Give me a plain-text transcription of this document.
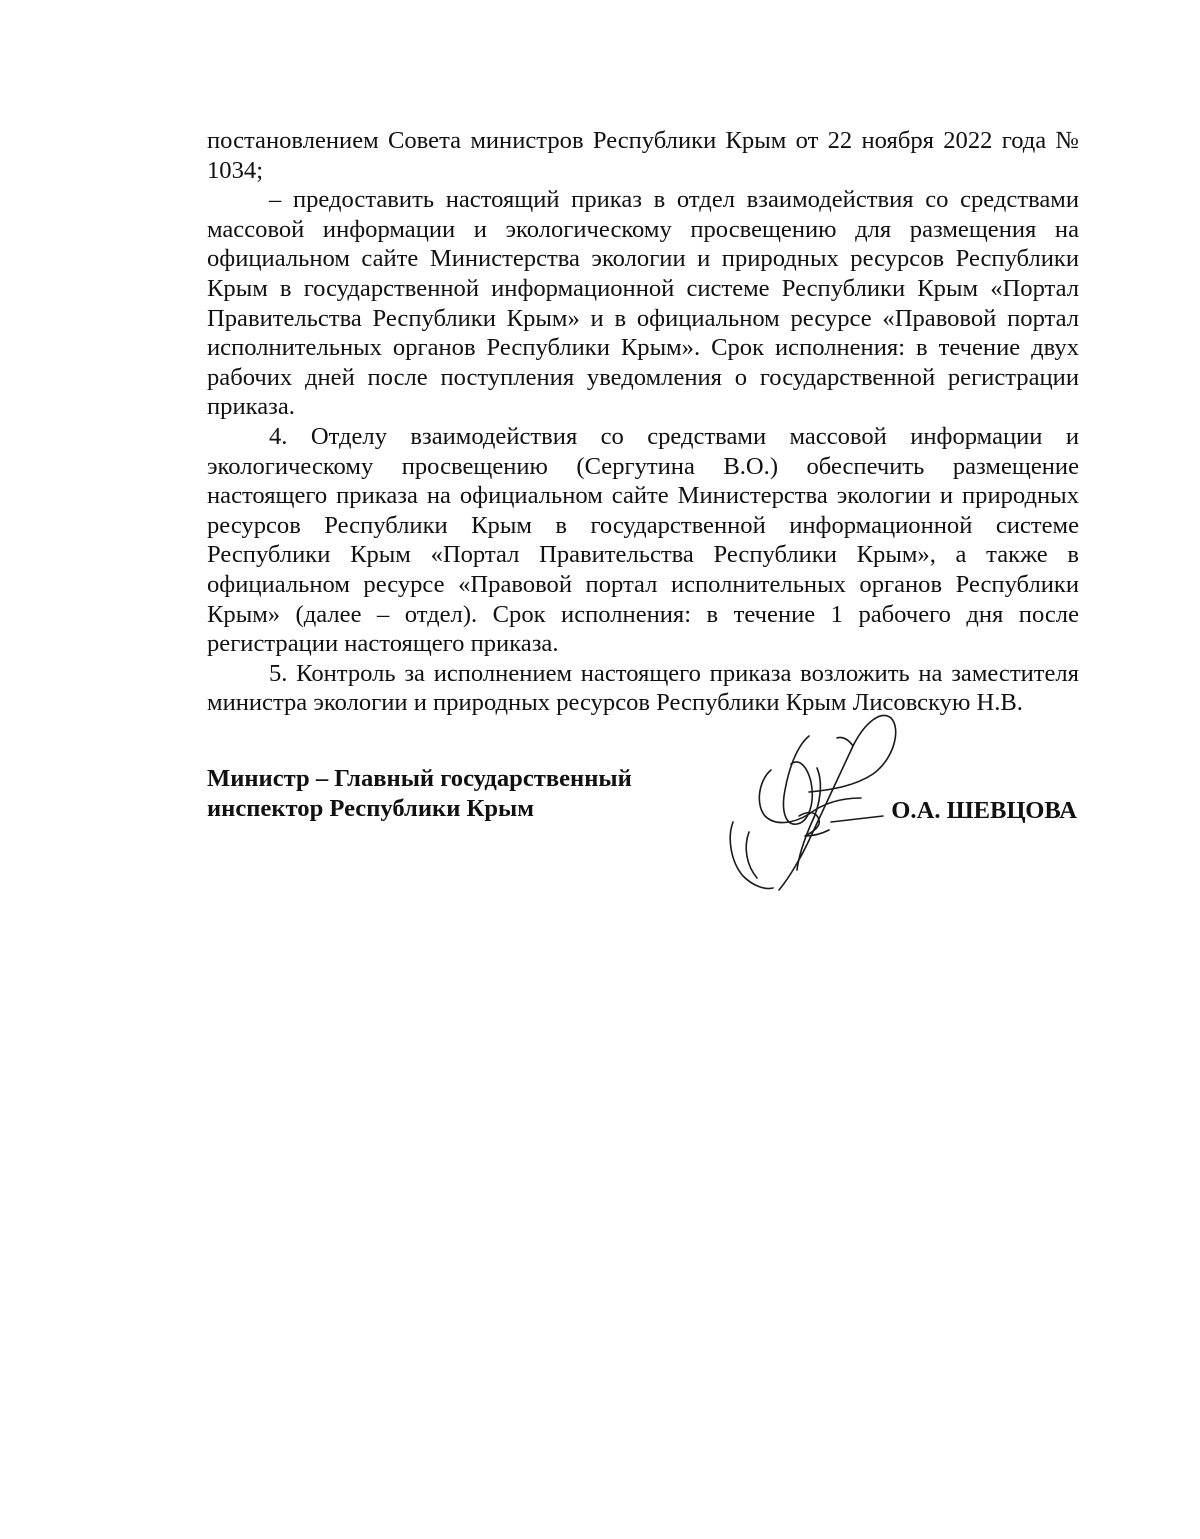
постановлением Совета министров Республики Крым от 22 ноября 2022 года № 1034;

– предоставить настоящий приказ в отдел взаимодействия со средствами массовой информации и экологическому просвещению для размещения на официальном сайте Министерства экологии и природных ресурсов Республики Крым в государственной информационной системе Республики Крым «Портал Правительства Республики Крым» и в официальном ресурсе «Правовой портал исполнительных органов Республики Крым». Срок исполнения: в течение двух рабочих дней после поступления уведомления о государственной регистрации приказа.

4. Отделу взаимодействия со средствами массовой информации и экологическому просвещению (Сергутина В.О.) обеспечить размещение настоящего приказа на официальном сайте Министерства экологии и природных ресурсов Республики Крым в государственной информационной системе Республики Крым «Портал Правительства Республики Крым», а также в официальном ресурсе «Правовой портал исполнительных органов Республики Крым» (далее – отдел). Срок исполнения: в течение 1 рабочего дня после регистрации настоящего приказа.

5. Контроль за исполнением настоящего приказа возложить на заместителя министра экологии и природных ресурсов Республики Крым Лисовскую Н.В.

Министр – Главный государственный
инспектор Республики Крым	О.А. ШЕВЦОВА
